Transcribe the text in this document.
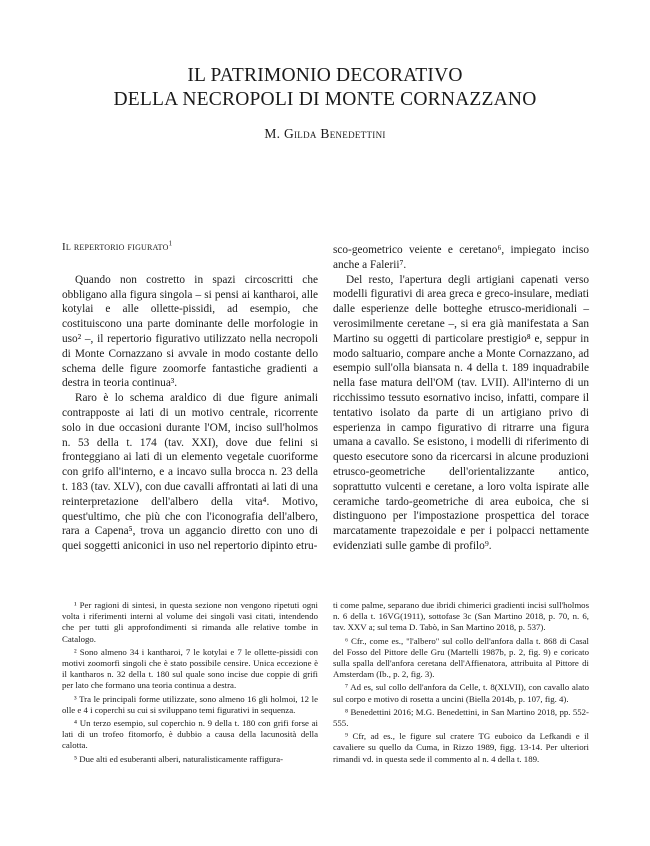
IL PATRIMONIO DECORATIVO
DELLA NECROPOLI DI MONTE CORNAZZANO
M. Gilda Benedettini
Il repertorio figurato$^1$

Quando non costretto in spazi circoscritti che obbligano alla figura singola – si pensi ai kantharoi, alle kotylai e alle ollette-pissidi, ad esempio, che costituiscono una parte dominante delle morfologie in uso² –, il repertorio figurativo utilizzato nella necropoli di Monte Cornazzano si avvale in modo costante dello schema delle figure zoomorfe fantastiche gradienti a destra in teoria continua³.

Raro è lo schema araldico di due figure animali contrapposte ai lati di un motivo centrale, ricorrente solo in due occasioni durante l'OM, inciso sull'holmos n. 53 della t. 174 (tav. XXI), dove due felini si fronteggiano ai lati di un elemento vegetale cuoriforme con grifo all'interno, e a incavo sulla brocca n. 23 della t. 183 (tav. XLV), con due cavalli affrontati ai lati di una reinterpretazione dell'albero della vita⁴. Motivo, quest'ultimo, che più che con l'iconografia dell'albero, rara a Capena⁵, trova un aggancio diretto con uno di quei soggetti aniconici in uso nel repertorio dipinto etru-

sco-geometrico veiente e ceretano⁶, impiegato inciso anche a Falerii⁷.

Del resto, l'apertura degli artigiani capenati verso modelli figurativi di area greca e greco-insulare, mediati dalle esperienze delle botteghe etrusco-meridionali – verosimilmente ceretane –, si era già manifestata a San Martino su oggetti di particolare prestigio⁸ e, seppur in modo saltuario, compare anche a Monte Cornazzano, ad esempio sull'olla biansata n. 4 della t. 189 inquadrabile nella fase matura dell'OM (tav. LVII). All'interno di un ricchissimo tessuto esornativo inciso, infatti, comparе il tentativo isolato da parte di un artigiano privo di esperienza in campo figurativo di ritrarre una figura umana a cavallo. Se esistono, i modelli di riferimento di questo esecutore sono da ricercarsi in alcune produzioni etrusco-geometriche dell'orientalizzante antico, soprattutto vulcenti e ceretane, a loro volta ispirate alle ceramiche tardo-geometriche di area euboica, che si distinguono per l'impostazione prospettica del torace marcatamente trapezoidale e per i polpacci nettamente evidenziati sulle gambe di profilo⁹.

¹ Per ragioni di sintesi, in questa sezione non vengono ripetuti ogni volta i riferimenti interni al volume dei singoli vasi citati, intendendo che per tutti gli approfondimenti si rimanda alle relative tombe in Catalogo.

² Sono almeno 34 i kantharoi, 7 le kotylai e 7 le ollette-pissidi con motivi zoomorfi singoli che è stato possibile censire. Unica eccezione è il kantharos n. 32 della t. 180 sul quale sono incise due coppie di grifi per lato che formano una teoria continua a destra.

³ Tra le principali forme utilizzate, sono almeno 16 gli holmoi, 12 le olle e 4 i coperchi su cui si sviluppano temi figurativi in sequenza.

⁴ Un terzo esempio, sul coperchio n. 9 della t. 180 con grifi forse ai lati di un trofeo fitomorfo, è dubbio a causa della lacunosità della calotta.

⁵ Due alti ed esuberanti alberi, naturalisticamente raffigura-

ti come palme, separano due ibridi chimerici gradienti incisi sull'holmos n. 6 della t. 16VG(1911), sottofase 3c (San Martino 2018, p. 70, n. 6, tav. XXV a; sul tema D. Tabò, in San Martino 2018, p. 537).

⁶ Cfr., come es., "l'albero" sul collo dell'anfora dalla t. 868 di Casal del Fosso del Pittore delle Gru (Martelli 1987b, p. 2, fig. 9) e coricato sulla spalla dell'anfora ceretana dell'Affienatora, attribuita al Pittore di Amsterdam (Ib., p. 2, fig. 3).

⁷ Ad es, sul collo dell'anfora da Celle, t. 8(XLVII), con cavallo alato sul corpo e motivo di rosetta a uncini (Biella 2014b, p. 107, fig. 4).

⁸ Benedettini 2016; M.G. Benedettini, in San Martino 2018, pp. 552-555.

⁹ Cfr, ad es., le figure sul cratere TG euboico da Lefkandi e il cavaliere su quello da Cuma, in Rizzo 1989, figg. 13-14. Per ulteriori rimandi vd. in questa sede il commento al n. 4 della t. 189.
